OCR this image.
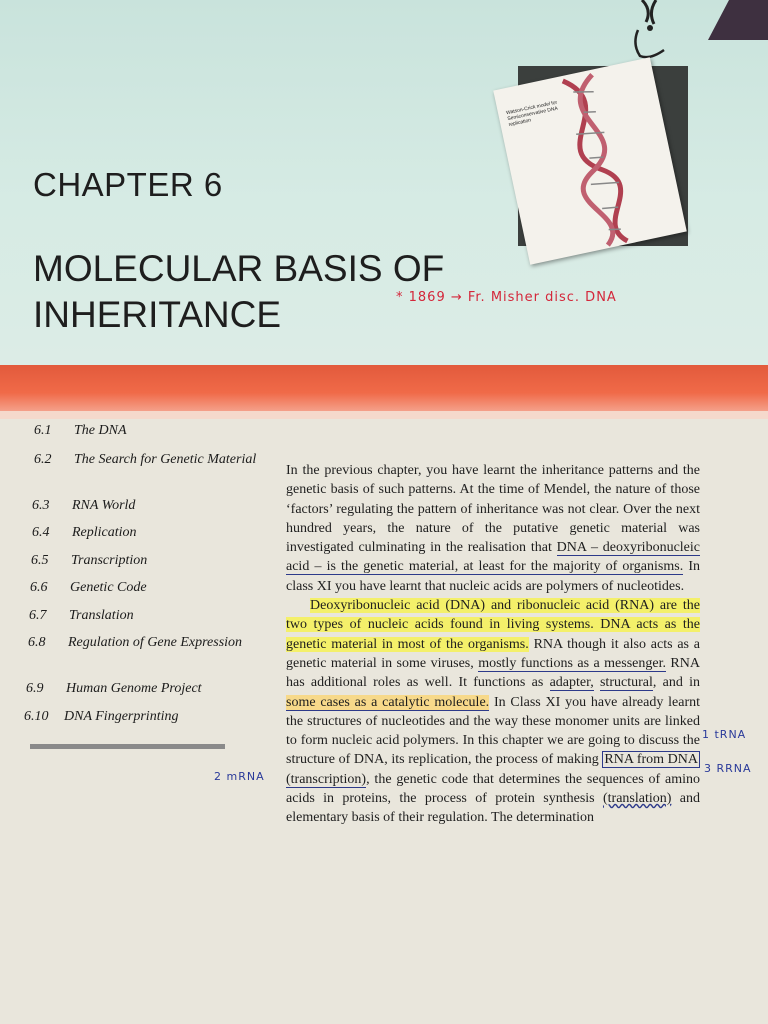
Watson-Crick model for Semiconservative DNA replication
CHAPTER 6
MOLECULAR BASIS OF
INHERITANCE	* 1869 → Fr. Misher disc. DNA
6.1 The DNA
6.2 The Search for Genetic Material
6.3 RNA World
6.4 Replication
6.5 Transcription
6.6 Genetic Code
6.7 Translation
6.8 Regulation of Gene Expression
6.9 Human Genome Project
6.10 DNA Fingerprinting

In the previous chapter, you have learnt the inheritance patterns and the genetic basis of such patterns. At the time of Mendel, the nature of those ‘factors’ regulating the pattern of inheritance was not clear. Over the next hundred years, the nature of the putative genetic material was investigated culminating in the realisation that DNA – deoxyribonucleic acid – is the genetic material, at least for the majority of organisms. In class XI you have learnt that nucleic acids are polymers of nucleotides.

Deoxyribonucleic acid (DNA) and ribonucleic acid (RNA) are the two types of nucleic acids found in living systems. DNA acts as the genetic material in most of the organisms. RNA though it also acts as a genetic material in some viruses, mostly functions as a messenger. RNA has additional roles as well. It functions as adapter, structural, and in some cases as a catalytic molecule. In Class XI you have already learnt the structures of nucleotides and the way these monomer units are linked to form nucleic acid polymers. In this chapter we are going to discuss the structure of DNA, its replication, the process of making RNA from DNA (transcription), the genetic code that determines the sequences of amino acids in proteins, the process of protein synthesis (translation) and elementary basis of their regulation. The determination

1 tRNA
3 RRNA
2 mRNA
